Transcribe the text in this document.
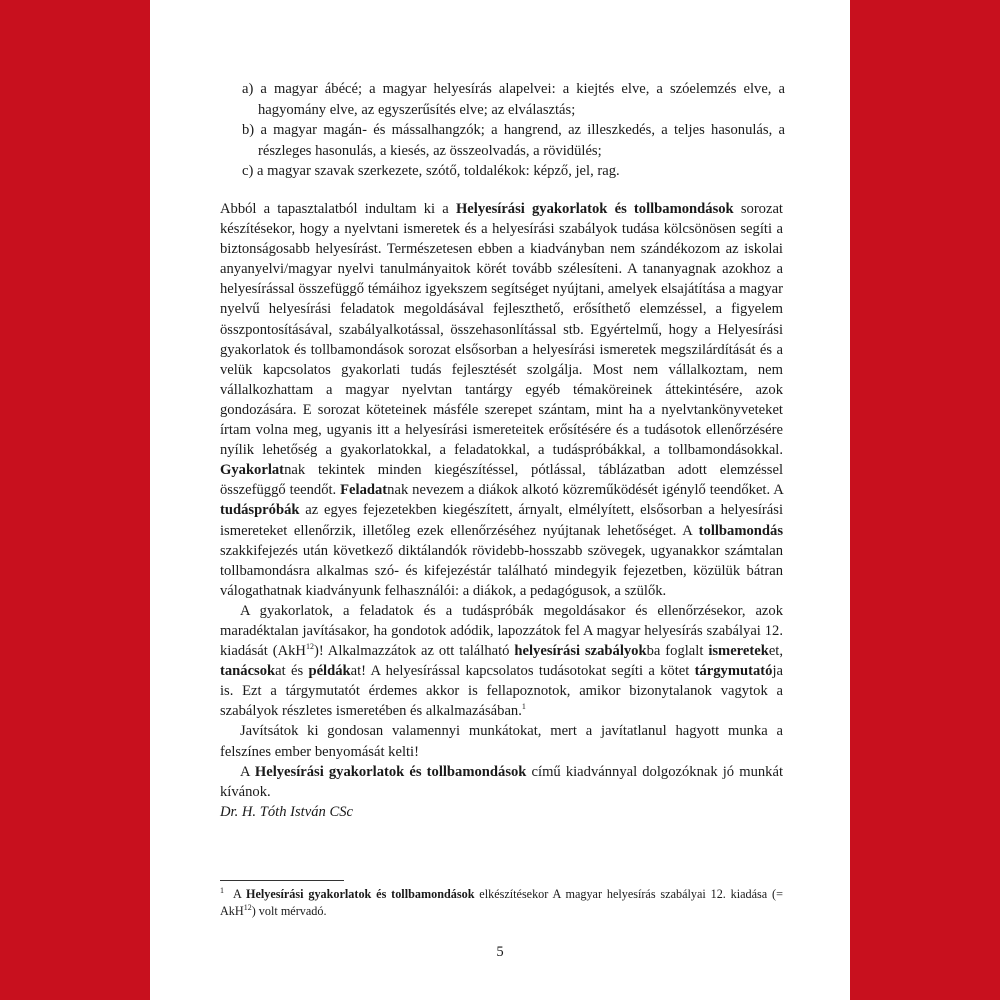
a) a magyar ábécé; a magyar helyesírás alapelvei: a kiejtés elve, a szóelemzés elve, a hagyomány elve, az egyszerűsítés elve; az elválasztás;

b) a magyar magán- és mássalhangzók; a hangrend, az illeszkedés, a teljes hasonulás, a részleges hasonulás, a kiesés, az összeolvadás, a rövidülés;

c) a magyar szavak szerkezete, szótő, toldalékok: képző, jel, rag.

Abból a tapasztalatból indultam ki a Helyesírási gyakorlatok és tollbamondások sorozat készítésekor, hogy a nyelvtani ismeretek és a helyesírási szabályok tudása kölcsönösen segíti a biztonságosabb helyesírást. Természetesen ebben a kiadványban nem szándékozom az iskolai anyanyelvi/magyar nyelvi tanulmányaitok körét tovább szélesíteni. A tananyagnak azokhoz a helyesírással összefüggő témáihoz igyekszem segítséget nyújtani, amelyek elsajátítása a magyar nyelvű helyesírási feladatok megoldásával fejleszthető, erősíthető elemzéssel, a figyelem összpontosításával, szabályalkotással, összehasonlítással stb. Egyértelmű, hogy a Helyesírási gyakorlatok és tollbamondások sorozat elsősorban a helyesírási ismeretek megszilárdítását és a velük kapcsolatos gyakorlati tudás fejlesztését szolgálja. Most nem vállalkoztam, nem vállalkozhattam a magyar nyelvtan tantárgy egyéb témaköreinek áttekintésére, azok gondozására. E sorozat köteteinek másféle szerepet szántam, mint ha a nyelvtankönyveteket írtam volna meg, ugyanis itt a helyesírási ismereteitek erősítésére és a tudásotok ellenőrzésére nyílik lehetőség a gyakorlatokkal, a feladatokkal, a tudáspróbákkal, a tollbamondásokkal. Gyakorlatnak tekintek minden kiegészítéssel, pótlással, táblázatban adott elemzéssel összefüggő teendőt. Feladatnak nevezem a diákok alkotó közreműködését igénylő teendőket. A tudáspróbák az egyes fejezetekben kiegészített, árnyalt, elmélyített, elsősorban a helyesírási ismereteket ellenőrzik, illetőleg ezek ellenőrzéséhez nyújtanak lehetőséget. A tollbamondás szakkifejezés után következő diktálandók rövidebb-hosszabb szövegek, ugyanakkor számtalan tollbamondásra alkalmas szó- és kifejezéstár található mindegyik fejezetben, közülük bátran válogathatnak kiadványunk felhasználói: a diákok, a pedagógusok, a szülők.

A gyakorlatok, a feladatok és a tudáspróbák megoldásakor és ellenőrzésekor, azok maradéktalan javításakor, ha gondotok adódik, lapozzátok fel A magyar helyesírás szabályai 12. kiadását (AkH$^{12}$)! Alkalmazzátok az ott található helyesírási szabályokba foglalt ismereteket, tanácsokat és példákat! A helyesírással kapcsolatos tudásotokat segíti a kötet tárgymutatója is. Ezt a tárgymutatót érdemes akkor is fellapoznotok, amikor bizonytalanok vagytok a szabályok részletes ismeretében és alkalmazásában.$^1$

Javítsátok ki gondosan valamennyi munkátokat, mert a javítatlanul hagyott munka a felszínes ember benyomását kelti!

A Helyesírási gyakorlatok és tollbamondások című kiadvánnyal dolgozóknak jó munkát kívánok.

Dr. H. Tóth István CSc

$^1$ A Helyesírási gyakorlatok és tollbamondások elkészítésekor A magyar helyesírás szabályai 12. kiadása (= AkH$^{12}$) volt mérvadó.
5
